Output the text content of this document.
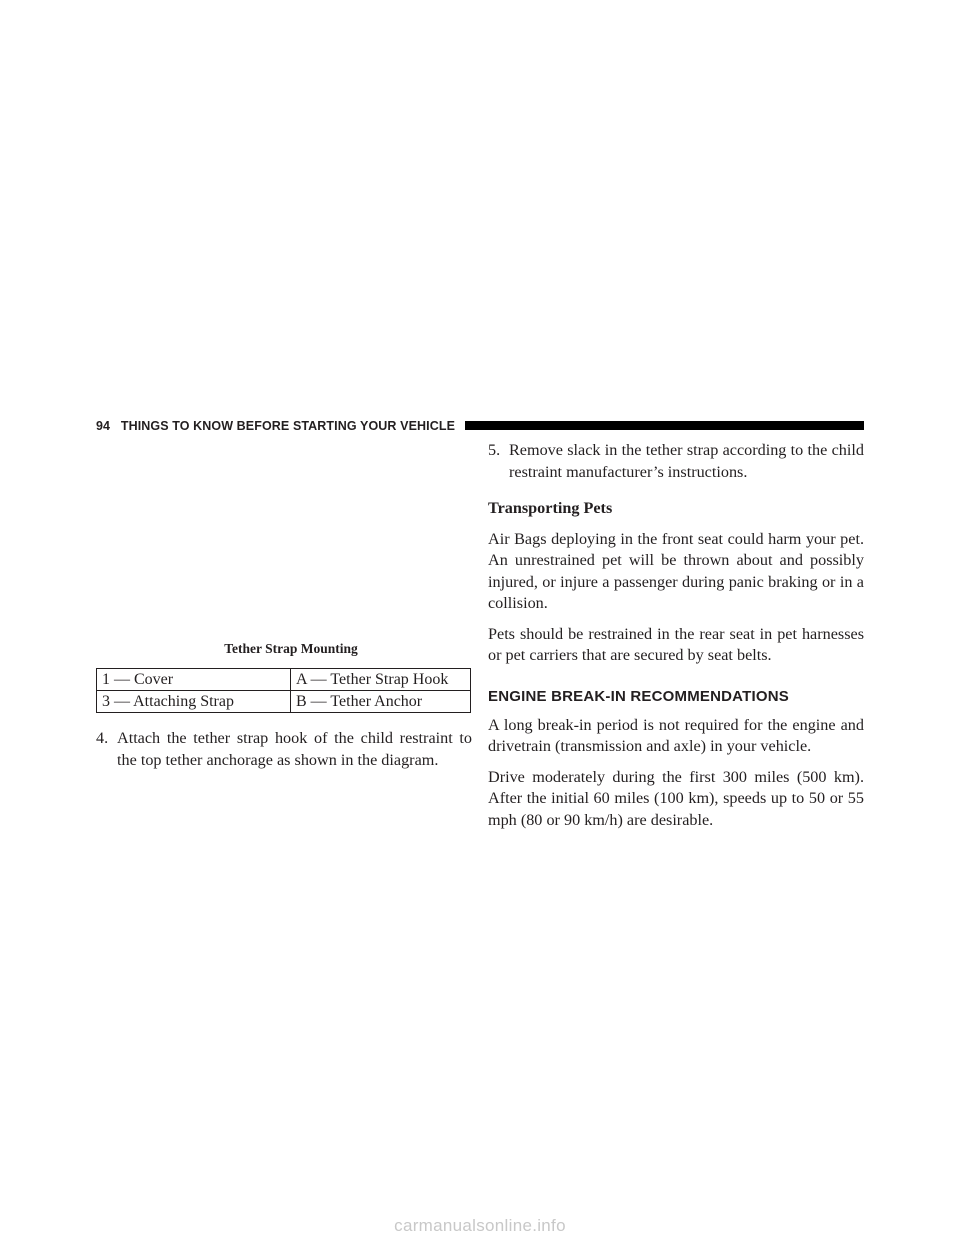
94 THINGS TO KNOW BEFORE STARTING YOUR VEHICLE
Tether Strap Mounting
1 — Cover	A — Tether Strap Hook
3 — Attaching Strap	B — Tether Anchor

4. Attach the tether strap hook of the child restraint to the top tether anchorage as shown in the diagram.

5. Remove slack in the tether strap according to the child restraint manufacturer’s instructions.

Transporting Pets

Air Bags deploying in the front seat could harm your pet. An unrestrained pet will be thrown about and possibly injured, or injure a passenger during panic braking or in a collision.

Pets should be restrained in the rear seat in pet harnesses or pet carriers that are secured by seat belts.

ENGINE BREAK-IN RECOMMENDATIONS

A long break-in period is not required for the engine and drivetrain (transmission and axle) in your vehicle.

Drive moderately during the first 300 miles (500 km). After the initial 60 miles (100 km), speeds up to 50 or 55 mph (80 or 90 km/h) are desirable.

carmanualsonline.info
